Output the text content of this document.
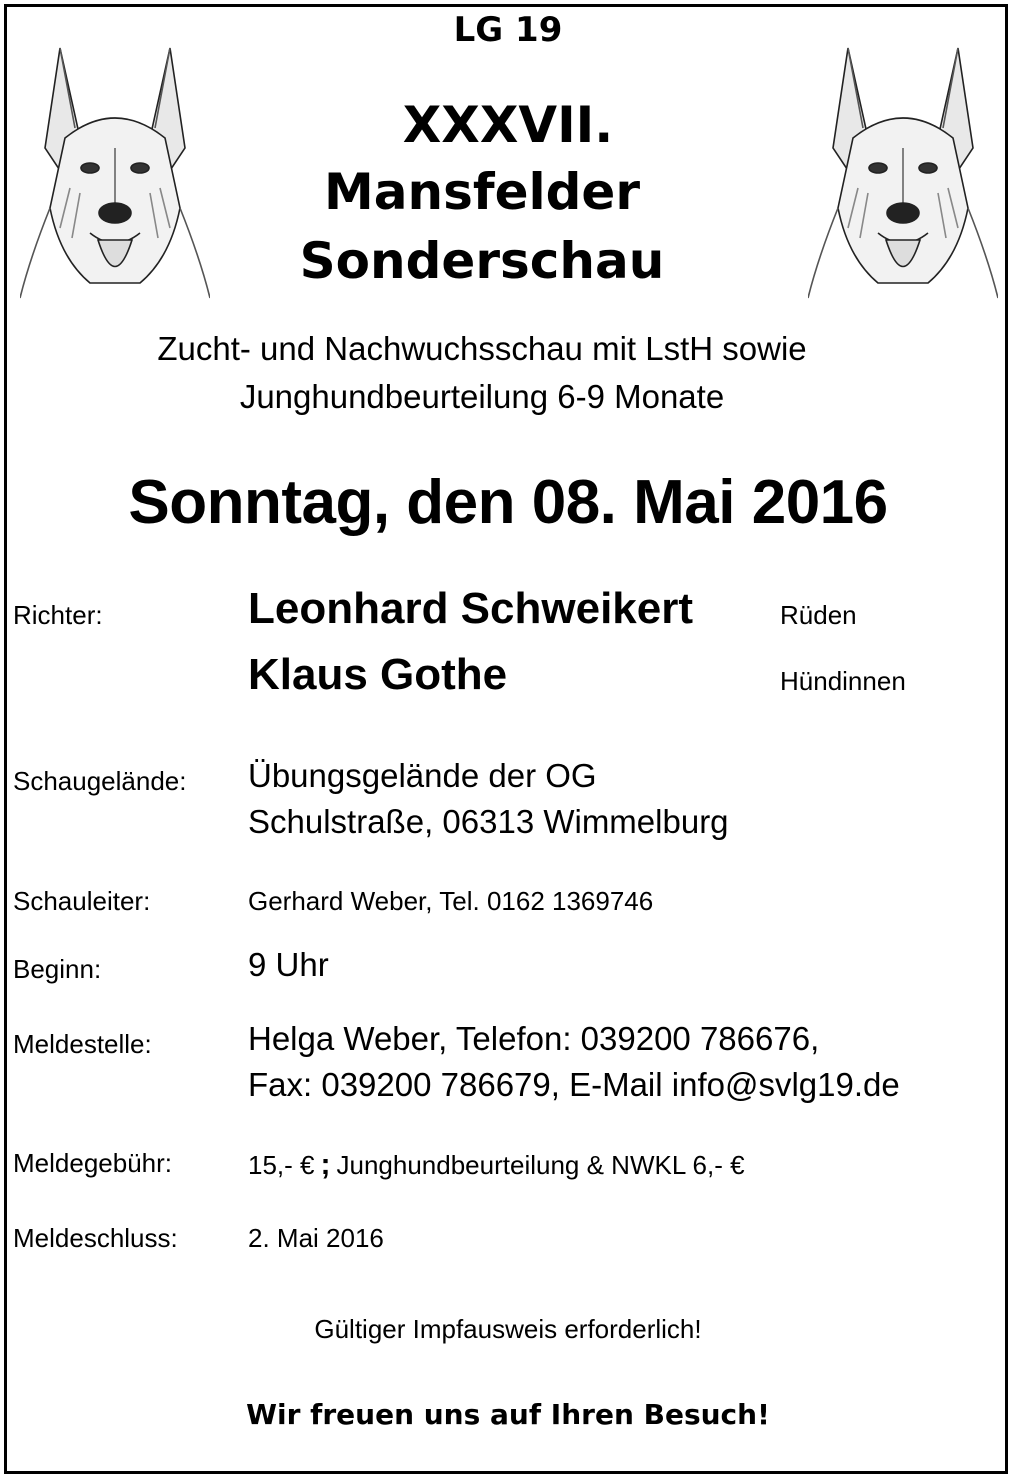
LG 19
XXXVII.
Mansfelder
Sonderschau
Zucht- und Nachwuchsschau mit LstH sowie
Junghundbeurteilung 6-9 Monate
Sonntag, den 08. Mai 2016
Richter:	Leonhard Schweikert	Rüden
Klaus Gothe	Hündinnen
Schaugelände: Übungsgelände der OG
Schulstraße, 06313 Wimmelburg
Schauleiter:	Gerhard Weber, Tel. 0162 1369746
Beginn:	9 Uhr
Meldestelle:	Helga Weber, Telefon: 039200 786676,
Fax: 039200 786679, E-Mail info@svlg19.de
Meldegebühr:	15,- € ; Junghundbeurteilung & NWKL 6,- €
Meldeschluss:	2. Mai 2016
Gültiger Impfausweis erforderlich!
Wir freuen uns auf Ihren Besuch!
